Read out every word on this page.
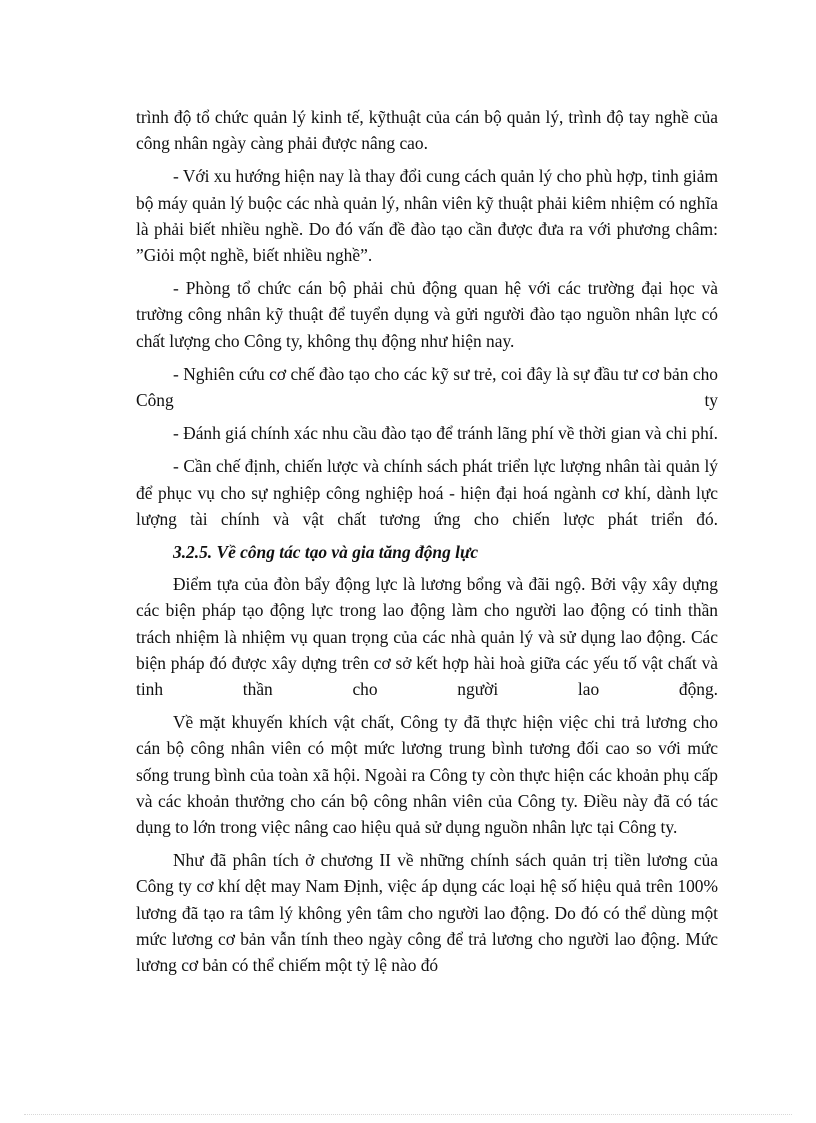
trình độ tổ chức quản lý kinh tế, kỹthuật của cán bộ quản lý, trình độ tay nghề của công nhân ngày càng phải được nâng cao.

- Với xu hướng hiện nay là thay đổi cung cách quản lý cho phù hợp, tinh giảm bộ máy quản lý buộc các nhà quản lý, nhân viên kỹ thuật phải kiêm nhiệm có nghĩa là phải biết nhiều nghề. Do đó vấn đề đào tạo cần được đưa ra với phương châm: ”Giỏi một nghề, biết nhiều nghề”.

- Phòng tổ chức cán bộ phải chủ động quan hệ với các trường đại học và trường công nhân kỹ thuật để tuyển dụng và gửi người đào tạo nguồn nhân lực có chất lượng cho Công ty, không thụ động như hiện nay.

- Nghiên cứu cơ chế đào tạo cho các kỹ sư trẻ, coi đây là sự đầu tư cơ bản cho Công ty

- Đánh giá chính xác nhu cầu đào tạo để tránh lãng phí về thời gian và chi phí.

- Cần chế định, chiến lược và chính sách phát triển lực lượng nhân tài quản lý để phục vụ cho sự nghiệp công nghiệp hoá - hiện đại hoá ngành cơ khí, dành lực lượng tài chính và vật chất tương ứng cho chiến lược phát triển đó.

3.2.5. Về công tác tạo và gia tăng động lực

Điểm tựa của đòn bẩy động lực là lương bổng và đãi ngộ. Bởi vậy xây dựng các biện pháp tạo động lực trong lao động làm cho người lao động có tinh thần trách nhiệm là nhiệm vụ quan trọng của các nhà quản lý và sử dụng lao động. Các biện pháp đó được xây dựng trên cơ sở kết hợp hài hoà giữa các yếu tố vật chất và tinh thần cho người lao động.

Về mặt khuyến khích vật chất, Công ty đã thực hiện việc chi trả lương cho cán bộ công nhân viên có một mức lương trung bình tương đối cao so với mức sống trung bình của toàn xã hội. Ngoài ra Công ty còn thực hiện các khoản phụ cấp và các khoản thưởng cho cán bộ công nhân viên của Công ty. Điều này đã có tác dụng to lớn trong việc nâng cao hiệu quả sử dụng nguồn nhân lực tại Công ty.

Như đã phân tích ở chương II về những chính sách quản trị tiền lương của Công ty cơ khí dệt may Nam Định, việc áp dụng các loại hệ số hiệu quả trên 100% lương đã tạo ra tâm lý không yên tâm cho người lao động. Do đó có thể dùng một mức lương cơ bản vẫn tính theo ngày công để trả lương cho người lao động. Mức lương cơ bản có thể chiếm một tỷ lệ nào đó
